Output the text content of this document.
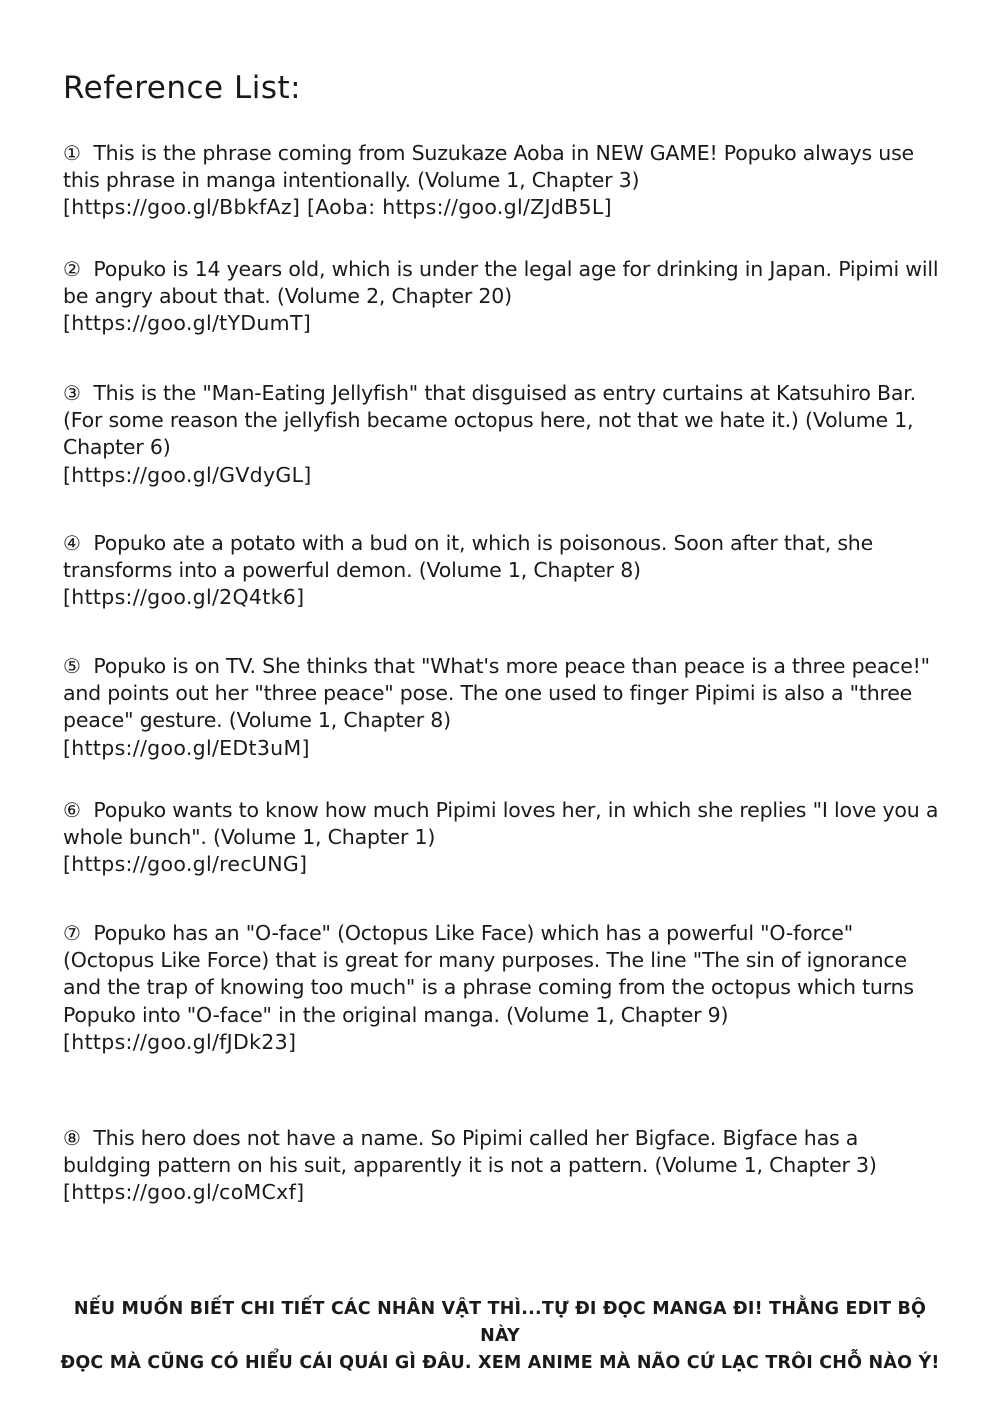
Reference List:
① This is the phrase coming from Suzukaze Aoba in NEW GAME! Popuko always use this phrase in manga intentionally. (Volume 1, Chapter 3)
[https://goo.gl/BbkfAz] [Aoba: https://goo.gl/ZJdB5L]
② Popuko is 14 years old, which is under the legal age for drinking in Japan. Pipimi will be angry about that. (Volume 2, Chapter 20)
[https://goo.gl/tYDumT]
③ This is the "Man-Eating Jellyfish" that disguised as entry curtains at Katsuhiro Bar. (For some reason the jellyfish became octopus here, not that we hate it.) (Volume 1, Chapter 6)
[https://goo.gl/GVdyGL]
④ Popuko ate a potato with a bud on it, which is poisonous. Soon after that, she transforms into a powerful demon. (Volume 1, Chapter 8)
[https://goo.gl/2Q4tk6]
⑤ Popuko is on TV. She thinks that "What's more peace than peace is a three peace!" and points out her "three peace" pose. The one used to finger Pipimi is also a "three peace" gesture. (Volume 1, Chapter 8)
[https://goo.gl/EDt3uM]
⑥ Popuko wants to know how much Pipimi loves her, in which she replies "I love you a whole bunch". (Volume 1, Chapter 1)
[https://goo.gl/recUNG]
⑦ Popuko has an "O-face" (Octopus Like Face) which has a powerful "O-force" (Octopus Like Force) that is great for many purposes. The line "The sin of ignorance and the trap of knowing too much" is a phrase coming from the octopus which turns Popuko into "O-face" in the original manga. (Volume 1, Chapter 9)
[https://goo.gl/fJDk23]
⑧ This hero does not have a name. So Pipimi called her Bigface. Bigface has a buldging pattern on his suit, apparently it is not a pattern. (Volume 1, Chapter 3)
[https://goo.gl/coMCxf]
NẾU MUỐN BIẾT CHI TIẾT CÁC NHÂN VẬT THÌ...TỰ ĐI ĐỌC MANGA ĐI! THẰNG EDIT BỘ NÀY
ĐỌC MÀ CŨNG CÓ HIỂU CÁI QUÁI GÌ ĐÂU. XEM ANIME MÀ NÃO CỨ LẠC TRÔI CHỖ NÀO Ý!
